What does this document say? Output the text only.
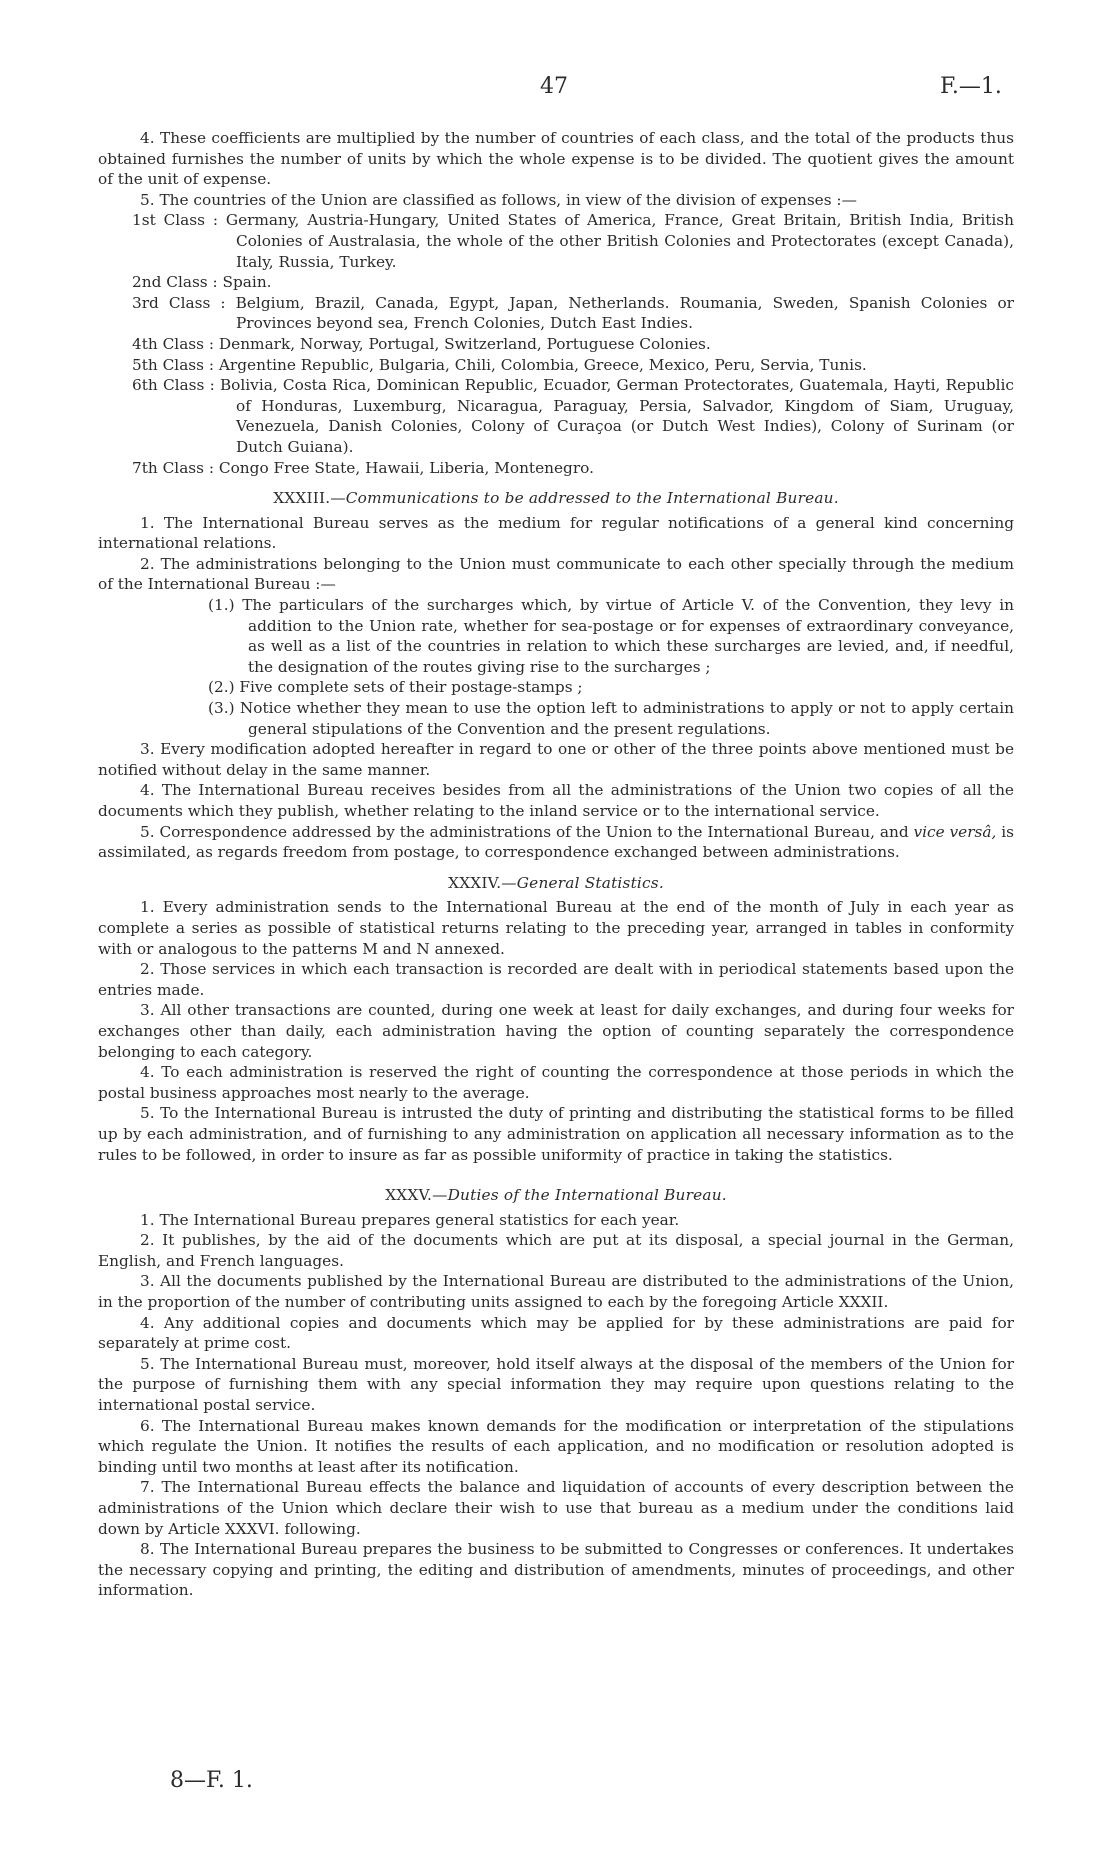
47	F.—1.

4. These coefficients are multiplied by the number of countries of each class, and the total of the products thus obtained furnishes the number of units by which the whole expense is to be divided. The quotient gives the amount of the unit of expense.

5. The countries of the Union are classified as follows, in view of the division of expenses :—

1st Class : Germany, Austria-Hungary, United States of America, France, Great Britain, British India, British Colonies of Australasia, the whole of the other British Colonies and Protectorates (except Canada), Italy, Russia, Turkey.

2nd Class : Spain.

3rd Class : Belgium, Brazil, Canada, Egypt, Japan, Netherlands. Roumania, Sweden, Spanish Colonies or Provinces beyond sea, French Colonies, Dutch East Indies.

4th Class : Denmark, Norway, Portugal, Switzerland, Portuguese Colonies.

5th Class : Argentine Republic, Bulgaria, Chili, Colombia, Greece, Mexico, Peru, Servia, Tunis.

6th Class : Bolivia, Costa Rica, Dominican Republic, Ecuador, German Protectorates, Guatemala, Hayti, Republic of Honduras, Luxemburg, Nicaragua, Paraguay, Persia, Salvador, Kingdom of Siam, Uruguay, Venezuela, Danish Colonies, Colony of Curaçoa (or Dutch West Indies), Colony of Surinam (or Dutch Guiana).

7th Class : Congo Free State, Hawaii, Liberia, Montenegro.

XXXIII.—Communications to be addressed to the International Bureau.

1. The International Bureau serves as the medium for regular notifications of a general kind concerning international relations.

2. The administrations belonging to the Union must communicate to each other specially through the medium of the International Bureau :—

(1.) The particulars of the surcharges which, by virtue of Article V. of the Convention, they levy in addition to the Union rate, whether for sea-postage or for expenses of extraordinary conveyance, as well as a list of the countries in relation to which these surcharges are levied, and, if needful, the designation of the routes giving rise to the surcharges ;

(2.) Five complete sets of their postage-stamps ;

(3.) Notice whether they mean to use the option left to administrations to apply or not to apply certain general stipulations of the Convention and the present regulations.

3. Every modification adopted hereafter in regard to one or other of the three points above mentioned must be notified without delay in the same manner.

4. The International Bureau receives besides from all the administrations of the Union two copies of all the documents which they publish, whether relating to the inland service or to the international service.

5. Correspondence addressed by the administrations of the Union to the International Bureau, and vice versâ, is assimilated, as regards freedom from postage, to correspondence exchanged between administrations.

XXXIV.—General Statistics.

1. Every administration sends to the International Bureau at the end of the month of July in each year as complete a series as possible of statistical returns relating to the preceding year, arranged in tables in conformity with or analogous to the patterns M and N annexed.

2. Those services in which each transaction is recorded are dealt with in periodical statements based upon the entries made.

3. All other transactions are counted, during one week at least for daily exchanges, and during four weeks for exchanges other than daily, each administration having the option of counting separately the correspondence belonging to each category.

4. To each administration is reserved the right of counting the correspondence at those periods in which the postal business approaches most nearly to the average.

5. To the International Bureau is intrusted the duty of printing and distributing the statistical forms to be filled up by each administration, and of furnishing to any administration on application all necessary information as to the rules to be followed, in order to insure as far as possible uniformity of practice in taking the statistics.

XXXV.—Duties of the International Bureau.

1. The International Bureau prepares general statistics for each year.

2. It publishes, by the aid of the documents which are put at its disposal, a special journal in the German, English, and French languages.

3. All the documents published by the International Bureau are distributed to the administrations of the Union, in the proportion of the number of contributing units assigned to each by the foregoing Article XXXII.

4. Any additional copies and documents which may be applied for by these administrations are paid for separately at prime cost.

5. The International Bureau must, moreover, hold itself always at the disposal of the members of the Union for the purpose of furnishing them with any special information they may require upon questions relating to the international postal service.

6. The International Bureau makes known demands for the modification or interpretation of the stipulations which regulate the Union. It notifies the results of each application, and no modification or resolution adopted is binding until two months at least after its notification.

7. The International Bureau effects the balance and liquidation of accounts of every description between the administrations of the Union which declare their wish to use that bureau as a medium under the conditions laid down by Article XXXVI. following.

8. The International Bureau prepares the business to be submitted to Congresses or conferences. It undertakes the necessary copying and printing, the editing and distribution of amendments, minutes of proceedings, and other information.

8—F. 1.
